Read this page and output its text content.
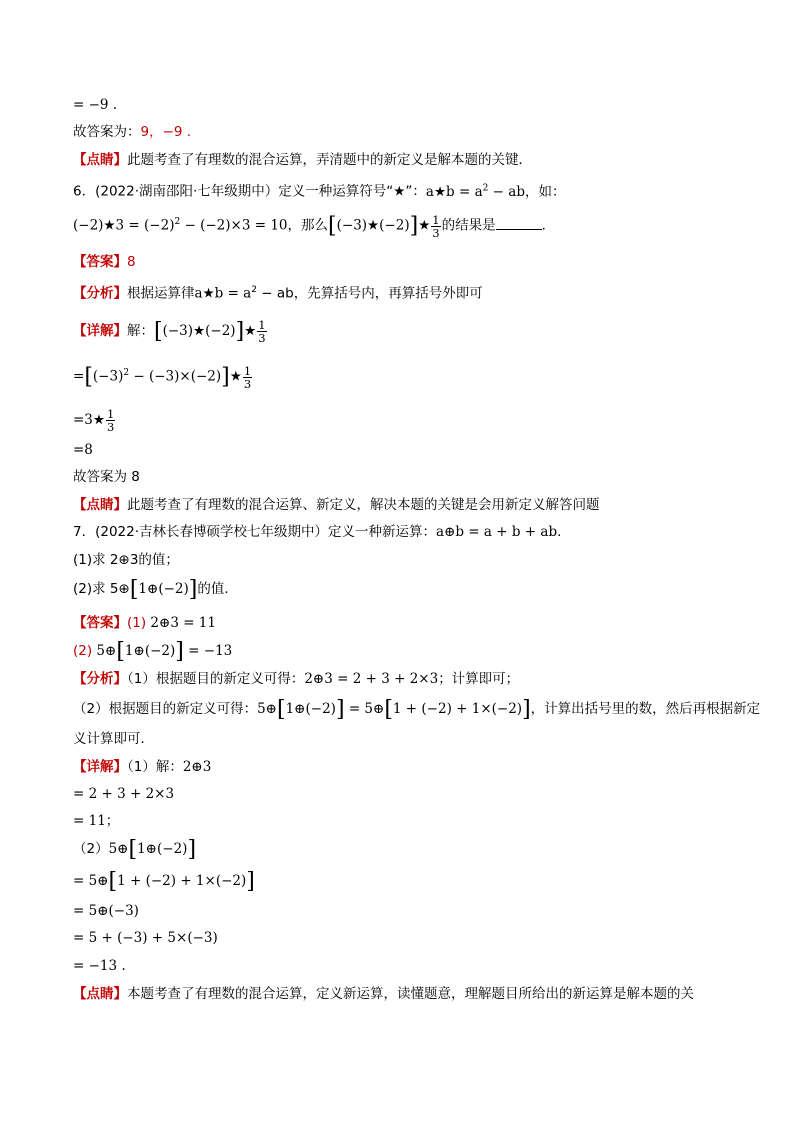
= −9 .
故答案为：9，−9 .
【点睛】此题考查了有理数的混合运算，弄清题中的新定义是解本题的关键．
6．(2022·湖南邵阳·七年级期中）定义一种运算符号“★”：a★b = $a^2$ − ab，如：
(−2)★3 = $(-2)^2 - (-2)\times 3 = 10$，那么[(−3)★(−2)]★ $\frac{1}{3}$ 的结果是	．
【答案】8
【分析】根据运算律a★b = $a^2$ − ab，先算括号内，再算括号外即可
【详解】解：[(−3)★(−2)]★ $\frac{1}{3}$
$=[(-3)^2$ − (−3)×(−2)]★ $\frac{1}{3}$
=3★ $\frac{1}{3}$
=8
故答案为 8
【点睛】此题考查了有理数的混合运算、新定义，解决本题的关键是会用新定义解答问题
7．(2022·吉林长春博硕学校七年级期中）定义一种新运算：a⊕b = a + b + ab．
(1)求 2⊕3的值；
(2)求 5⊕[1⊕(−2)]的值．
【答案】(1) 2⊕3 = 11
(2) 5⊕[1⊕(−2)] = −13
【分析】（1）根据题目的新定义可得：2⊕3 = 2 + 3 + 2×3；计算即可；
（2）根据题目的新定义可得：5⊕[1⊕(−2)] = 5⊕[1 + (−2) + 1×(−2)]，计算出括号里的数，然后再根据新定
义计算即可．
【详解】（1）解：2⊕3
= 2 + 3 + 2×3
= 11；
（2）5⊕[1⊕(−2)]
= 5⊕[1 + (−2) + 1×(−2)]
= 5⊕(−3)
= 5 + (−3) + 5×(−3)
= −13 .
【点睛】本题考查了有理数的混合运算，定义新运算，读懂题意，理解题目所给出的新运算是解本题的关
